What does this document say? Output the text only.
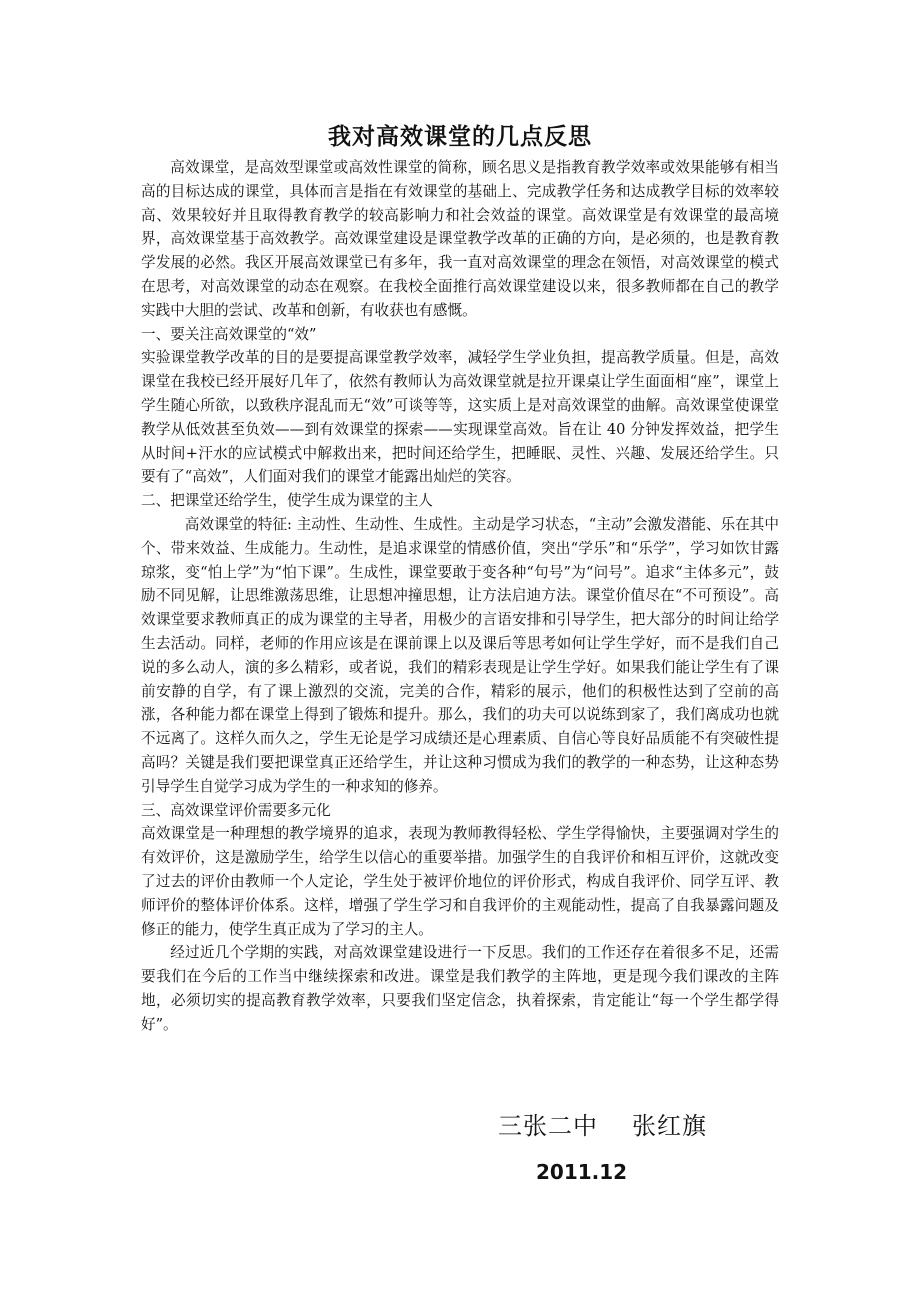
我对高效课堂的几点反思

高效课堂，是高效型课堂或高效性课堂的简称，顾名思义是指教育教学效率或效果能够有相当高的目标达成的课堂，具体而言是指在有效课堂的基础上、完成教学任务和达成教学目标的效率较高、效果较好并且取得教育教学的较高影响力和社会效益的课堂。高效课堂是有效课堂的最高境界，高效课堂基于高效教学。高效课堂建设是课堂教学改革的正确的方向，是必须的，也是教育教学发展的必然。我区开展高效课堂已有多年，我一直对高效课堂的理念在领悟，对高效课堂的模式在思考，对高效课堂的动态在观察。在我校全面推行高效课堂建设以来，很多教师都在自己的教学实践中大胆的尝试、改革和创新，有收获也有感慨。

一、要关注高效课堂的“效”

实验课堂教学改革的目的是要提高课堂教学效率，减轻学生学业负担，提高教学质量。但是，高效课堂在我校已经开展好几年了，依然有教师认为高效课堂就是拉开课桌让学生面面相“座”，课堂上学生随心所欲，以致秩序混乱而无“效”可谈等等，这实质上是对高效课堂的曲解。高效课堂使课堂教学从低效甚至负效——到有效课堂的探索——实现课堂高效。旨在让 40 分钟发挥效益，把学生从时间+汗水的应试模式中解救出来，把时间还给学生，把睡眠、灵性、兴趣、发展还给学生。只要有了“高效”，人们面对我们的课堂才能露出灿烂的笑容。

二、把课堂还给学生，使学生成为课堂的主人

高效课堂的特征: 主动性、生动性、生成性。主动是学习状态，“主动”会激发潜能、乐在其中个、带来效益、生成能力。生动性，是追求课堂的情感价值，突出“学乐”和“乐学”，学习如饮甘露琼浆，变“怕上学”为“怕下课”。生成性，课堂要敢于变各种“句号”为“问号”。追求“主体多元”，鼓励不同见解，让思维激荡思维，让思想冲撞思想，让方法启迪方法。课堂价值尽在“不可预设”。高效课堂要求教师真正的成为课堂的主导者，用极少的言语安排和引导学生，把大部分的时间让给学生去活动。同样，老师的作用应该是在课前课上以及课后等思考如何让学生学好，而不是我们自己说的多么动人，演的多么精彩，或者说，我们的精彩表现是让学生学好。如果我们能让学生有了课前安静的自学，有了课上激烈的交流，完美的合作，精彩的展示，他们的积极性达到了空前的高涨，各种能力都在课堂上得到了锻炼和提升。那么，我们的功夫可以说练到家了，我们离成功也就不远离了。这样久而久之，学生无论是学习成绩还是心理素质、自信心等良好品质能不有突破性提高吗？关键是我们要把课堂真正还给学生，并让这种习惯成为我们的教学的一种态势，让这种态势引导学生自觉学习成为学生的一种求知的修养。

三、高效课堂评价需要多元化

高效课堂是一种理想的教学境界的追求，表现为教师教得轻松、学生学得愉快，主要强调对学生的有效评价，这是激励学生，给学生以信心的重要举措。加强学生的自我评价和相互评价，这就改变了过去的评价由教师一个人定论，学生处于被评价地位的评价形式，构成自我评价、同学互评、教师评价的整体评价体系。这样，增强了学生学习和自我评价的主观能动性，提高了自我暴露问题及修正的能力，使学生真正成为了学习的主人。

经过近几个学期的实践，对高效课堂建设进行一下反思。我们的工作还存在着很多不足，还需要我们在今后的工作当中继续探索和改进。课堂是我们教学的主阵地，更是现今我们课改的主阵地，必须切实的提高教育教学效率，只要我们坚定信念，执着探索，肯定能让“每一个学生都学得好”。

三张二中 张红旗
2011.12
